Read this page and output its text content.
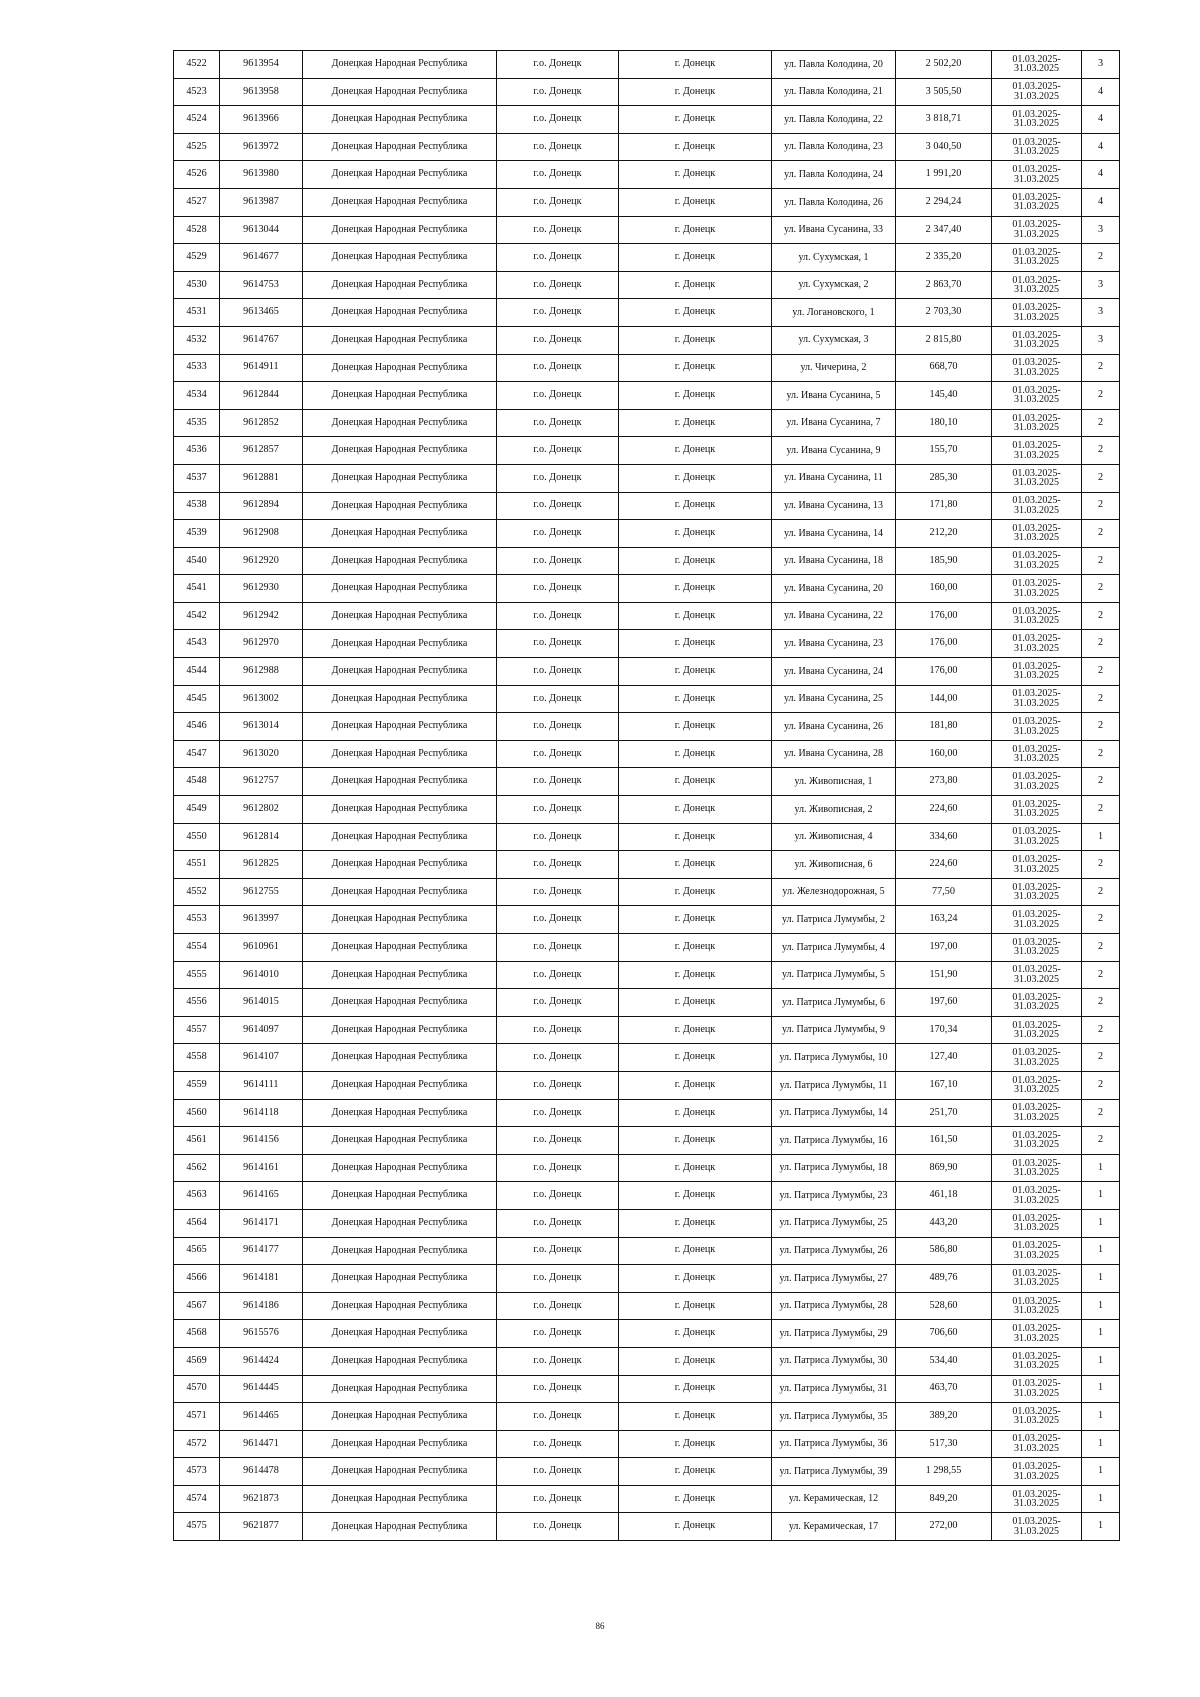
4522	9613954	Донецкая Народная Республика	г.о. Донецк	г. Донецк	ул. Павла Колодина, 20	2 502,20	01.03.2025- 31.03.2025	3
4523	9613958	Донецкая Народная Республика	г.о. Донецк	г. Донецк	ул. Павла Колодина, 21	3 505,50	01.03.2025- 31.03.2025	4
4524	9613966	Донецкая Народная Республика	г.о. Донецк	г. Донецк	ул. Павла Колодина, 22	3 818,71	01.03.2025- 31.03.2025	4
4525	9613972	Донецкая Народная Республика	г.о. Донецк	г. Донецк	ул. Павла Колодина, 23	3 040,50	01.03.2025- 31.03.2025	4
4526	9613980	Донецкая Народная Республика	г.о. Донецк	г. Донецк	ул. Павла Колодина, 24	1 991,20	01.03.2025- 31.03.2025	4
4527	9613987	Донецкая Народная Республика	г.о. Донецк	г. Донецк	ул. Павла Колодина, 26	2 294,24	01.03.2025- 31.03.2025	4
4528	9613044	Донецкая Народная Республика	г.о. Донецк	г. Донецк	ул. Ивана Сусанина, 33	2 347,40	01.03.2025- 31.03.2025	3
4529	9614677	Донецкая Народная Республика	г.о. Донецк	г. Донецк	ул. Сухумская, 1	2 335,20	01.03.2025- 31.03.2025	2
4530	9614753	Донецкая Народная Республика	г.о. Донецк	г. Донецк	ул. Сухумская, 2	2 863,70	01.03.2025- 31.03.2025	3
4531	9613465	Донецкая Народная Республика	г.о. Донецк	г. Донецк	ул. Логановского, 1	2 703,30	01.03.2025- 31.03.2025	3
4532	9614767	Донецкая Народная Республика	г.о. Донецк	г. Донецк	ул. Сухумская, 3	2 815,80	01.03.2025- 31.03.2025	3
4533	9614911	Донецкая Народная Республика	г.о. Донецк	г. Донецк	ул. Чичерина, 2	668,70	01.03.2025- 31.03.2025	2
4534	9612844	Донецкая Народная Республика	г.о. Донецк	г. Донецк	ул. Ивана Сусанина, 5	145,40	01.03.2025- 31.03.2025	2
4535	9612852	Донецкая Народная Республика	г.о. Донецк	г. Донецк	ул. Ивана Сусанина, 7	180,10	01.03.2025- 31.03.2025	2
4536	9612857	Донецкая Народная Республика	г.о. Донецк	г. Донецк	ул. Ивана Сусанина, 9	155,70	01.03.2025- 31.03.2025	2
4537	9612881	Донецкая Народная Республика	г.о. Донецк	г. Донецк	ул. Ивана Сусанина, 11	285,30	01.03.2025- 31.03.2025	2
4538	9612894	Донецкая Народная Республика	г.о. Донецк	г. Донецк	ул. Ивана Сусанина, 13	171,80	01.03.2025- 31.03.2025	2
4539	9612908	Донецкая Народная Республика	г.о. Донецк	г. Донецк	ул. Ивана Сусанина, 14	212,20	01.03.2025- 31.03.2025	2
4540	9612920	Донецкая Народная Республика	г.о. Донецк	г. Донецк	ул. Ивана Сусанина, 18	185,90	01.03.2025- 31.03.2025	2
4541	9612930	Донецкая Народная Республика	г.о. Донецк	г. Донецк	ул. Ивана Сусанина, 20	160,00	01.03.2025- 31.03.2025	2
4542	9612942	Донецкая Народная Республика	г.о. Донецк	г. Донецк	ул. Ивана Сусанина, 22	176,00	01.03.2025- 31.03.2025	2
4543	9612970	Донецкая Народная Республика	г.о. Донецк	г. Донецк	ул. Ивана Сусанина, 23	176,00	01.03.2025- 31.03.2025	2
4544	9612988	Донецкая Народная Республика	г.о. Донецк	г. Донецк	ул. Ивана Сусанина, 24	176,00	01.03.2025- 31.03.2025	2
4545	9613002	Донецкая Народная Республика	г.о. Донецк	г. Донецк	ул. Ивана Сусанина, 25	144,00	01.03.2025- 31.03.2025	2
4546	9613014	Донецкая Народная Республика	г.о. Донецк	г. Донецк	ул. Ивана Сусанина, 26	181,80	01.03.2025- 31.03.2025	2
4547	9613020	Донецкая Народная Республика	г.о. Донецк	г. Донецк	ул. Ивана Сусанина, 28	160,00	01.03.2025- 31.03.2025	2
4548	9612757	Донецкая Народная Республика	г.о. Донецк	г. Донецк	ул. Живописная, 1	273,80	01.03.2025- 31.03.2025	2
4549	9612802	Донецкая Народная Республика	г.о. Донецк	г. Донецк	ул. Живописная, 2	224,60	01.03.2025- 31.03.2025	2
4550	9612814	Донецкая Народная Республика	г.о. Донецк	г. Донецк	ул. Живописная, 4	334,60	01.03.2025- 31.03.2025	1
4551	9612825	Донецкая Народная Республика	г.о. Донецк	г. Донецк	ул. Живописная, 6	224,60	01.03.2025- 31.03.2025	2
4552	9612755	Донецкая Народная Республика	г.о. Донецк	г. Донецк	ул. Железнодорожная, 5	77,50	01.03.2025- 31.03.2025	2
4553	9613997	Донецкая Народная Республика	г.о. Донецк	г. Донецк	ул. Патриса Лумумбы, 2	163,24	01.03.2025- 31.03.2025	2
4554	9610961	Донецкая Народная Республика	г.о. Донецк	г. Донецк	ул. Патриса Лумумбы, 4	197,00	01.03.2025- 31.03.2025	2
4555	9614010	Донецкая Народная Республика	г.о. Донецк	г. Донецк	ул. Патриса Лумумбы, 5	151,90	01.03.2025- 31.03.2025	2
4556	9614015	Донецкая Народная Республика	г.о. Донецк	г. Донецк	ул. Патриса Лумумбы, 6	197,60	01.03.2025- 31.03.2025	2
4557	9614097	Донецкая Народная Республика	г.о. Донецк	г. Донецк	ул. Патриса Лумумбы, 9	170,34	01.03.2025- 31.03.2025	2
4558	9614107	Донецкая Народная Республика	г.о. Донецк	г. Донецк	ул. Патриса Лумумбы, 10	127,40	01.03.2025- 31.03.2025	2
4559	9614111	Донецкая Народная Республика	г.о. Донецк	г. Донецк	ул. Патриса Лумумбы, 11	167,10	01.03.2025- 31.03.2025	2
4560	9614118	Донецкая Народная Республика	г.о. Донецк	г. Донецк	ул. Патриса Лумумбы, 14	251,70	01.03.2025- 31.03.2025	2
4561	9614156	Донецкая Народная Республика	г.о. Донецк	г. Донецк	ул. Патриса Лумумбы, 16	161,50	01.03.2025- 31.03.2025	2
4562	9614161	Донецкая Народная Республика	г.о. Донецк	г. Донецк	ул. Патриса Лумумбы, 18	869,90	01.03.2025- 31.03.2025	1
4563	9614165	Донецкая Народная Республика	г.о. Донецк	г. Донецк	ул. Патриса Лумумбы, 23	461,18	01.03.2025- 31.03.2025	1
4564	9614171	Донецкая Народная Республика	г.о. Донецк	г. Донецк	ул. Патриса Лумумбы, 25	443,20	01.03.2025- 31.03.2025	1
4565	9614177	Донецкая Народная Республика	г.о. Донецк	г. Донецк	ул. Патриса Лумумбы, 26	586,80	01.03.2025- 31.03.2025	1
4566	9614181	Донецкая Народная Республика	г.о. Донецк	г. Донецк	ул. Патриса Лумумбы, 27	489,76	01.03.2025- 31.03.2025	1
4567	9614186	Донецкая Народная Республика	г.о. Донецк	г. Донецк	ул. Патриса Лумумбы, 28	528,60	01.03.2025- 31.03.2025	1
4568	9615576	Донецкая Народная Республика	г.о. Донецк	г. Донецк	ул. Патриса Лумумбы, 29	706,60	01.03.2025- 31.03.2025	1
4569	9614424	Донецкая Народная Республика	г.о. Донецк	г. Донецк	ул. Патриса Лумумбы, 30	534,40	01.03.2025- 31.03.2025	1
4570	9614445	Донецкая Народная Республика	г.о. Донецк	г. Донецк	ул. Патриса Лумумбы, 31	463,70	01.03.2025- 31.03.2025	1
4571	9614465	Донецкая Народная Республика	г.о. Донецк	г. Донецк	ул. Патриса Лумумбы, 35	389,20	01.03.2025- 31.03.2025	1
4572	9614471	Донецкая Народная Республика	г.о. Донецк	г. Донецк	ул. Патриса Лумумбы, 36	517,30	01.03.2025- 31.03.2025	1
4573	9614478	Донецкая Народная Республика	г.о. Донецк	г. Донецк	ул. Патриса Лумумбы, 39	1 298,55	01.03.2025- 31.03.2025	1
4574	9621873	Донецкая Народная Республика	г.о. Донецк	г. Донецк	ул. Керамическая, 12	849,20	01.03.2025- 31.03.2025	1
4575	9621877	Донецкая Народная Республика	г.о. Донецк	г. Донецк	ул. Керамическая, 17	272,00	01.03.2025- 31.03.2025	1
86
